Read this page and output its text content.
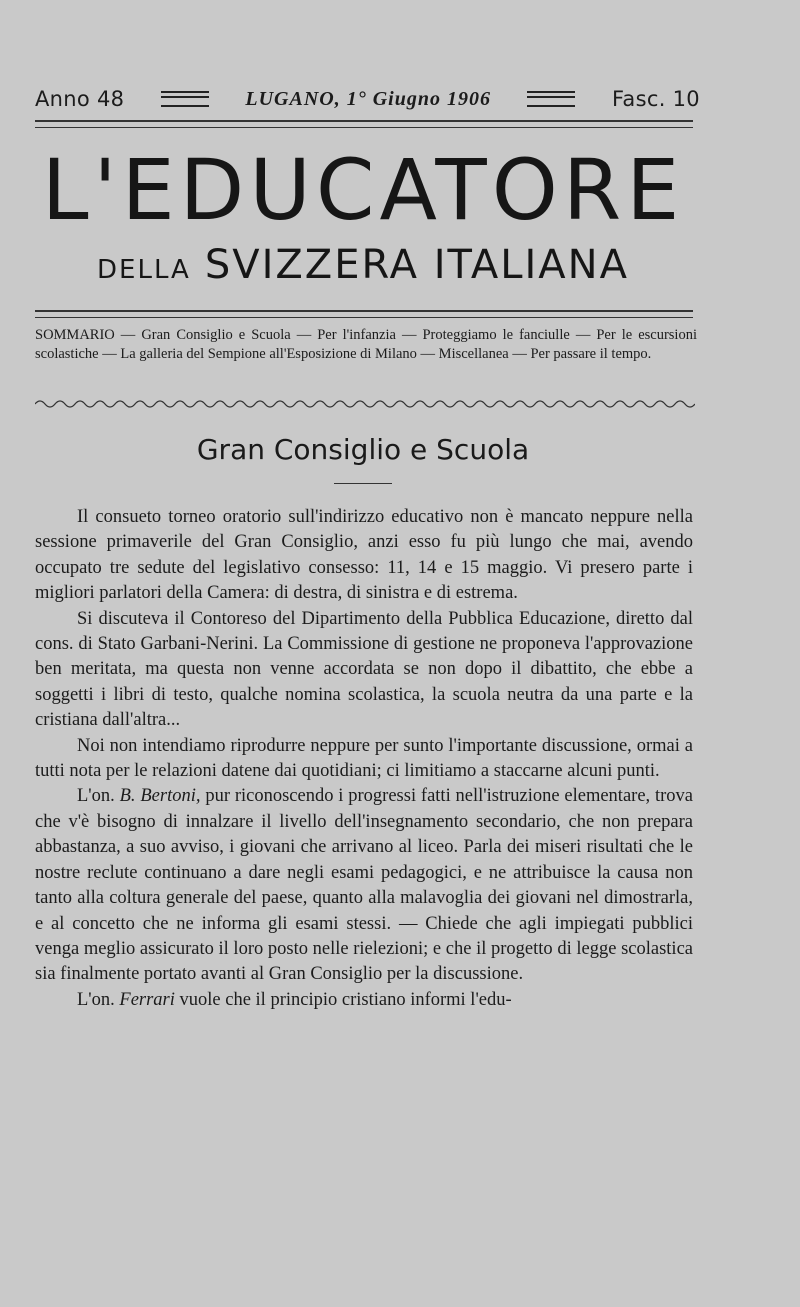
Anno 48	LUGANO, 1° Giugno 1906	Fasc. 10
L'EDUCATORE
DELLA SVIZZERA ITALIANA
SOMMARIO — Gran Consiglio e Scuola — Per l'infanzia — Proteggiamo le fanciulle — Per le escursioni scolastiche — La galleria del Sempione all'Esposizione di Milano — Miscellanea — Per passare il tempo.
Gran Consiglio e Scuola

Il consueto torneo oratorio sull'indirizzo educativo non è mancato neppure nella sessione primaverile del Gran Consiglio, anzi esso fu più lungo che mai, avendo occupato tre sedute del legislativo consesso: 11, 14 e 15 maggio. Vi presero parte i migliori parlatori della Camera: di destra, di sinistra e di estrema.

Si discuteva il Contoreso del Dipartimento della Pubblica Educazione, diretto dal cons. di Stato Garbani-Nerini. La Commissione di gestione ne proponeva l'approvazione ben meritata, ma questa non venne accordata se non dopo il dibattito, che ebbe a soggetti i libri di testo, qualche nomina scolastica, la scuola neutra da una parte e la cristiana dall'altra...

Noi non intendiamo riprodurre neppure per sunto l'importante discussione, ormai a tutti nota per le relazioni datene dai quotidiani; ci limitiamo a staccarne alcuni punti.

L'on. B. Bertoni, pur riconoscendo i progressi fatti nell'istruzione elementare, trova che v'è bisogno di innalzare il livello dell'insegnamento secondario, che non prepara abbastanza, a suo avviso, i giovani che arrivano al liceo. Parla dei miseri risultati che le nostre reclute continuano a dare negli esami pedagogici, e ne attribuisce la causa non tanto alla coltura generale del paese, quanto alla malavoglia dei giovani nel dimostrarla, e al concetto che ne informa gli esami stessi. — Chiede che agli impiegati pubblici venga meglio assicurato il loro posto nelle rielezioni; e che il progetto di legge scolastica sia finalmente portato avanti al Gran Consiglio per la discussione.

L'on. Ferrari vuole che il principio cristiano informi l'edu-
